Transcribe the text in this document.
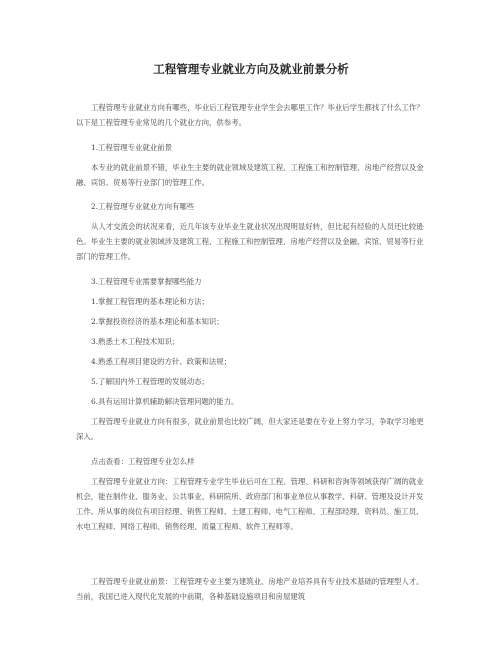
工程管理专业就业方向及就业前景分析

工程管理专业就业方向有哪些，毕业后工程管理专业学生会去哪里工作？毕业后学生都找了什么工作？以下是工程管理专业常见的几个就业方向，供参考。

1.工程管理专业就业前景

本专业的就业前景不错，毕业生主要的就业领域及建筑工程、工程施工和控制管理、房地产经营以及金融、宾馆、贸易等行业部门的管理工作。

2.工程管理专业就业方向有哪些

从人才交流会的状况来看，近几年该专业毕业生就业状况出现明显好转，但比起有经验的人员还比较逊色。毕业生主要的就业领域涉及建筑工程、工程施工和控制管理、房地产经营以及金融、宾馆、贸易等行业部门的管理工作。

3.工程管理专业需要掌握哪些能力

1.掌握工程管理的基本理论和方法；

2.掌握投资经济的基本理论和基本知识；

3.熟悉土木工程技术知识；

4.熟悉工程项目建设的方针、政策和法规；

5.了解国内外工程管理的发展动态；

6.具有运用计算机辅助解决管理问题的能力。

工程管理专业就业方向有很多，就业前景也比较广阔，但大家还是要在专业上努力学习，争取学习地更深入。

点击查看：工程管理专业怎么样

工程管理专业就业方向：工程管理专业学生毕业后可在工程、管理、科研和咨询等领域获得广阔的就业机会，能在制作业、服务业、公共事业、科研院所、政府部门和事业单位从事教学、科研、管理及设计开发工作。所从事的岗位有项目经理、销售工程师、土建工程师、电气工程师、工程部经理、资料员、施工员、水电工程师、网络工程师、销售经理、质量工程师、软件工程师等。

工程管理专业就业前景：工程管理专业主要为建筑业、房地产业培养具有专业技术基础的管理型人才。当前，我国已进入现代化发展的中前期，各种基础设施项目和房屋建筑
